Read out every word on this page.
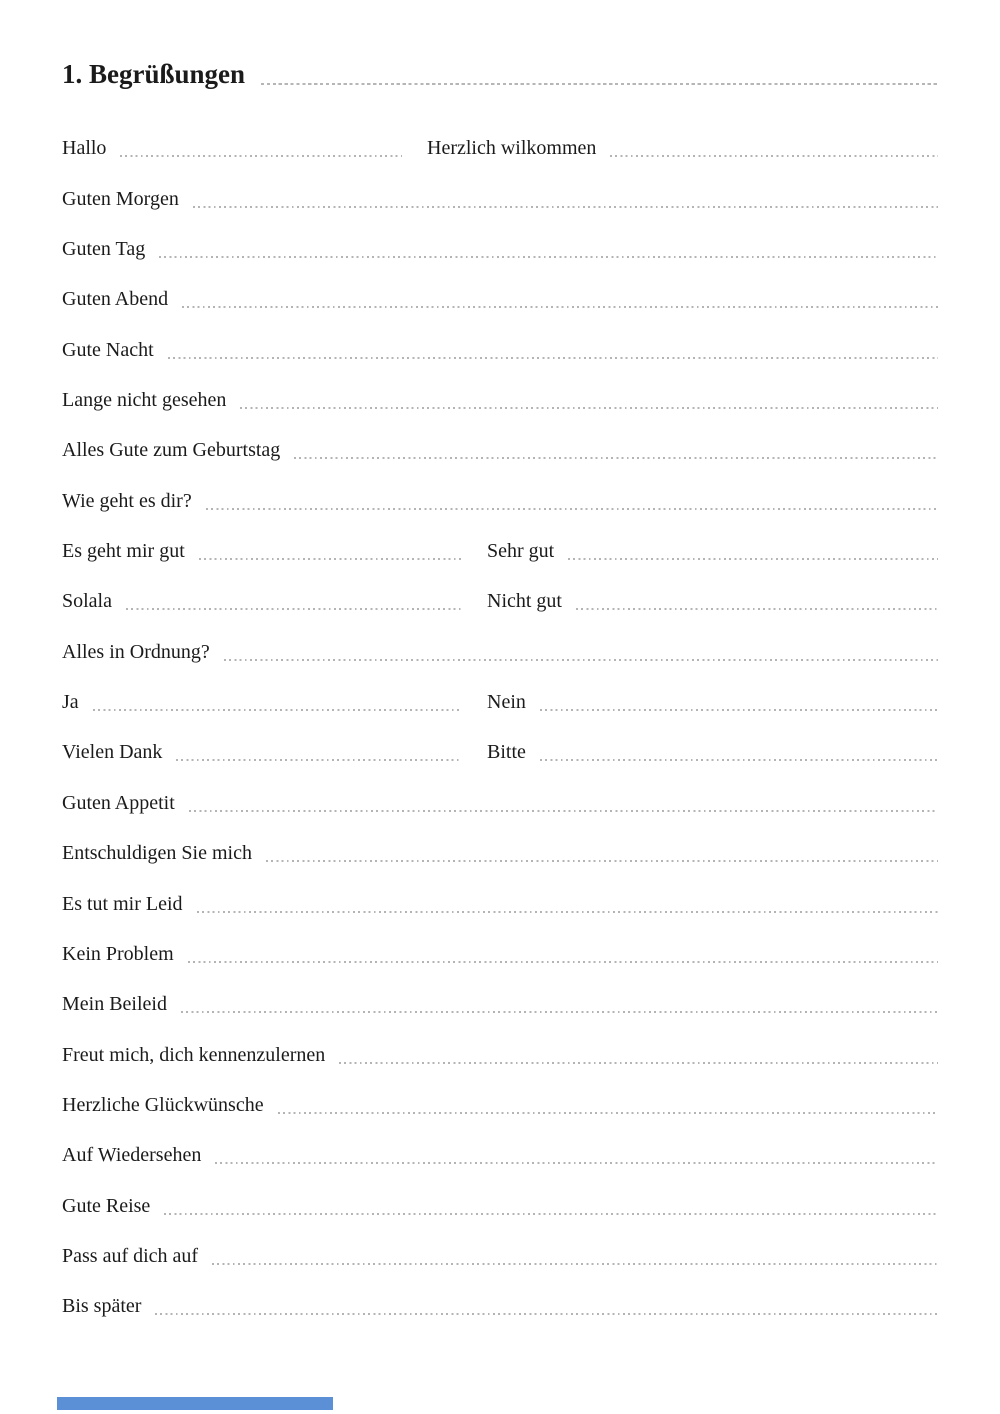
1. Begrüßungen
Hallo	Herzlich wilkommen
Guten Morgen
Guten Tag
Guten Abend
Gute Nacht
Lange nicht gesehen
Alles Gute zum Geburtstag
Wie geht es dir?
Es geht mir gut	Sehr gut
Solala	Nicht gut
Alles in Ordnung?
Ja	Nein
Vielen Dank	Bitte
Guten Appetit
Entschuldigen Sie mich
Es tut mir Leid
Kein Problem
Mein Beileid
Freut mich, dich kennenzulernen
Herzliche Glückwünsche
Auf Wiedersehen
Gute Reise
Pass auf dich auf
Bis später
